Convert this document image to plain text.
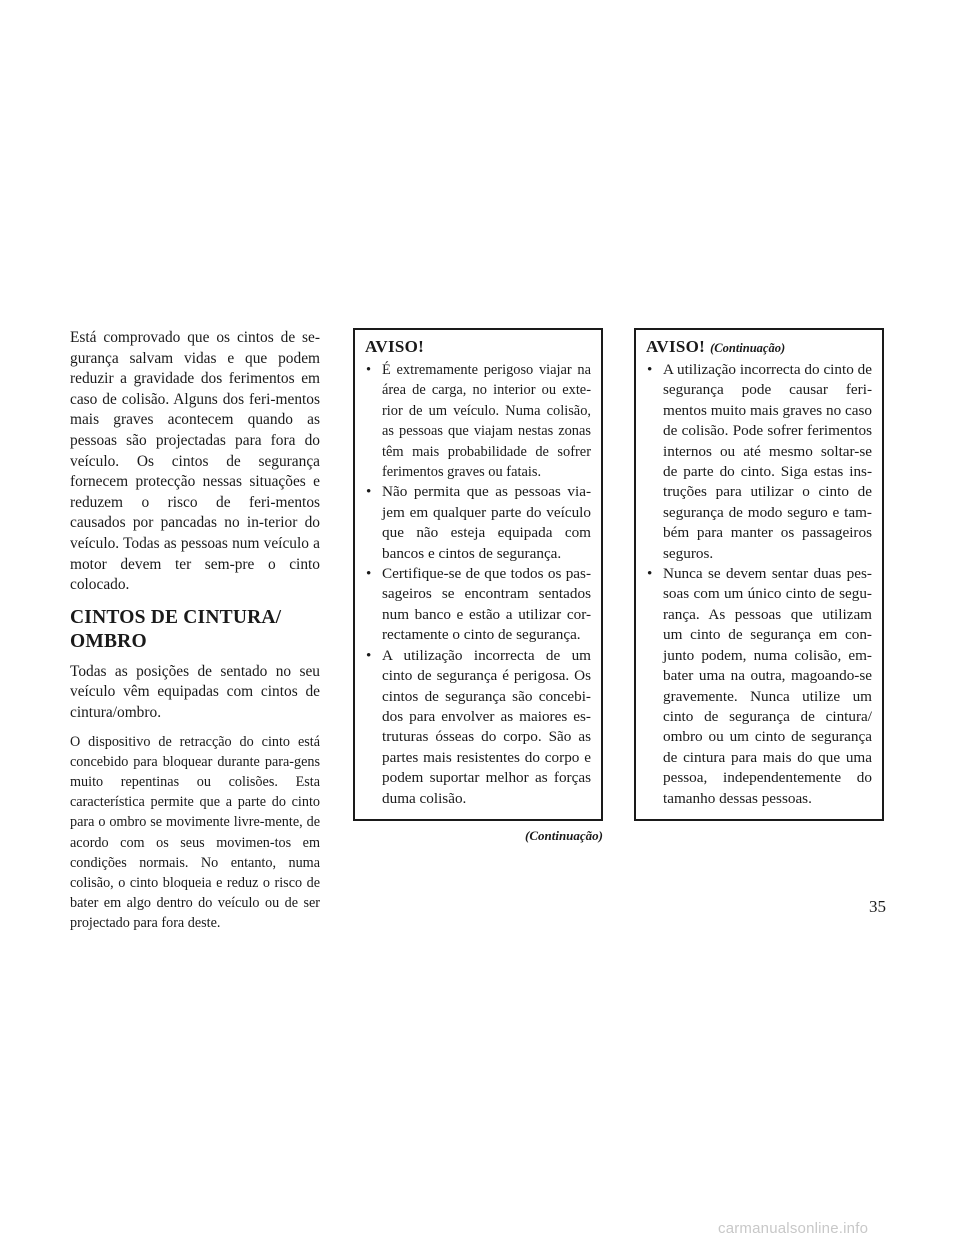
Está comprovado que os cintos de se-gurança salvam vidas e que podem reduzir a gravidade dos ferimentos em caso de colisão. Alguns dos feri-mentos mais graves acontecem quando as pessoas são projectadas para fora do veículo. Os cintos de segurança fornecem protecção nessas situações e reduzem o risco de feri-mentos causados por pancadas no in-terior do veículo. Todas as pessoas num veículo a motor devem ter sem-pre o cinto colocado.

CINTOS DE CINTURA/
OMBRO

Todas as posições de sentado no seu veículo vêm equipadas com cintos de cintura/ombro.

O dispositivo de retracção do cinto está concebido para bloquear durante para-gens muito repentinas ou colisões. Esta característica permite que a parte do cinto para o ombro se movimente livre-mente, de acordo com os seus movimen-tos em condições normais. No entanto, numa colisão, o cinto bloqueia e reduz o risco de bater em algo dentro do veículo ou de ser projectado para fora deste.

AVISO!
• É extremamente perigoso viajar na área de carga, no interior ou exte-rior de um veículo. Numa colisão, as pessoas que viajam nestas zonas têm mais probabilidade de sofrer ferimentos graves ou fatais.
• Não permita que as pessoas via-jem em qualquer parte do veículo que não esteja equipada com bancos e cintos de segurança.
• Certifique-se de que todos os pas-sageiros se encontram sentados num banco e estão a utilizar cor-rectamente o cinto de segurança.
• A utilização incorrecta de um cinto de segurança é perigosa. Os cintos de segurança são concebi-dos para envolver as maiores es-truturas ósseas do corpo. São as partes mais resistentes do corpo e podem suportar melhor as forças duma colisão.
(Continuação)
AVISO! (Continuação)
• A utilização incorrecta do cinto de segurança pode causar feri-mentos muito mais graves no caso de colisão. Pode sofrer ferimentos internos ou até mesmo soltar-se de parte do cinto. Siga estas ins-truções para utilizar o cinto de segurança de modo seguro e tam-bém para manter os passageiros seguros.
• Nunca se devem sentar duas pes-soas com um único cinto de segu-rança. As pessoas que utilizam um cinto de segurança em con-junto podem, numa colisão, em-bater uma na outra, magoando-se gravemente. Nunca utilize um cinto de segurança de cintura/ ombro ou um cinto de segurança de cintura para mais do que uma pessoa, independentemente do tamanho dessas pessoas.
35
carmanualsonline.info
